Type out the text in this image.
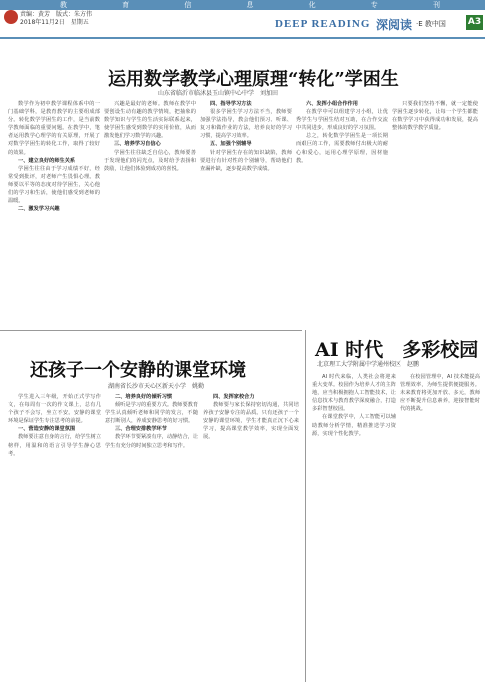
教	育	信	息	化	专	刊
责编：黄芳　版式：朱方伟
2018年11月2日　星期五	DEEP READING 深阅读 ·E 教中国 A3
运用数学教学心理原理“转化”学困生
山东省临沂市临沭县玉山镇中心中学　刘加田

数学作为初中教学课程体系中的一门基础学科，是教育教学的主要组成部分。转化数学学困生的工作，是当前数学教师面临的重要问题。在教学中，笔者运用教学心理学的有关原理，开展了对数学学困生的转化工作，取得了较好的效果。

一、建立良好的师生关系

学困生往往由于学习成绩不好，经常受到批评，对老师产生畏惧心理。教师要以平等的态度对待学困生，关心他们的学习和生活，使他们感受到老师的温暖。

二、激发学习兴趣

兴趣是最好的老师。教师在教学中要创设生动有趣的教学情境，把抽象的数学知识与学生的生活实际联系起来，使学困生感受到数学的实用价值，从而激发他们学习数学的兴趣。

三、培养学习自信心

学困生往往缺乏自信心，教师要善于发现他们的闪光点，及时给予表扬和鼓励，让他们体验到成功的喜悦。

四、指导学习方法

很多学困生学习方法不当，教师要加强学法指导，教会他们预习、听课、复习和做作业的方法，培养良好的学习习惯，提高学习效率。

五、加强个别辅导

针对学困生存在的知识缺陷，教师要进行有针对性的个别辅导，帮助他们查漏补缺，逐步提高数学成绩。

六、发挥小组合作作用

在教学中可以组建学习小组，让优秀学生与学困生结对互助，在合作交流中共同进步，形成良好的学习氛围。

总之，转化数学学困生是一项长期而艰巨的工作，需要教师付出极大的耐心和爱心，运用心理学原理，因材施教。

只要我们坚持不懈，就一定能使学困生逐步转化，让每一个学生都能在数学学习中获得成功和发展，提高整体的数学教学质量。

AI 时代　多彩校园
北京理工大学附属中学通州校区　赵鹏

AI 时代来临，人类社会将迎来重大变革。校园作为培养人才的主阵地，应当积极拥抱人工智能技术，让信息技术与教育教学深度融合，打造多彩智慧校园。

在课堂教学中，人工智能可以辅助教师分析学情，精准推送学习资源，实现个性化教学。

在校园管理中，AI 技术能提高管理效率，为师生提供便捷服务。未来教育将更加开放、多元，教师应不断提升信息素养，迎接智能时代的挑战。

还孩子一个安静的课堂环境
湖南省长沙市天心区新天小学　姚勤

学生进入三年级，开始正式学写作文，在每周有一次的作文课上，总有几个孩子不会写，坐立不安。安静的课堂环境是保证学生专注思考的前提。

一、营造安静的课堂氛围

教师要注意自身的言行，给学生树立榜样，用温和的语言引导学生静心思考。

二、培养良好的倾听习惯

倾听是学习的重要方式。教师要教育学生认真倾听老师和同学的发言，不随意打断别人，养成安静思考的好习惯。

三、合理安排教学环节

教学环节要紧凑有序，动静结合，让学生有充分的时间独立思考和写作。

四、发挥家校合力

教师要与家长保持密切沟通，共同培养孩子安静专注的品质。只有还孩子一个安静的课堂环境，学生才能真正沉下心来学习，提高课堂教学效率，实现全面发展。
